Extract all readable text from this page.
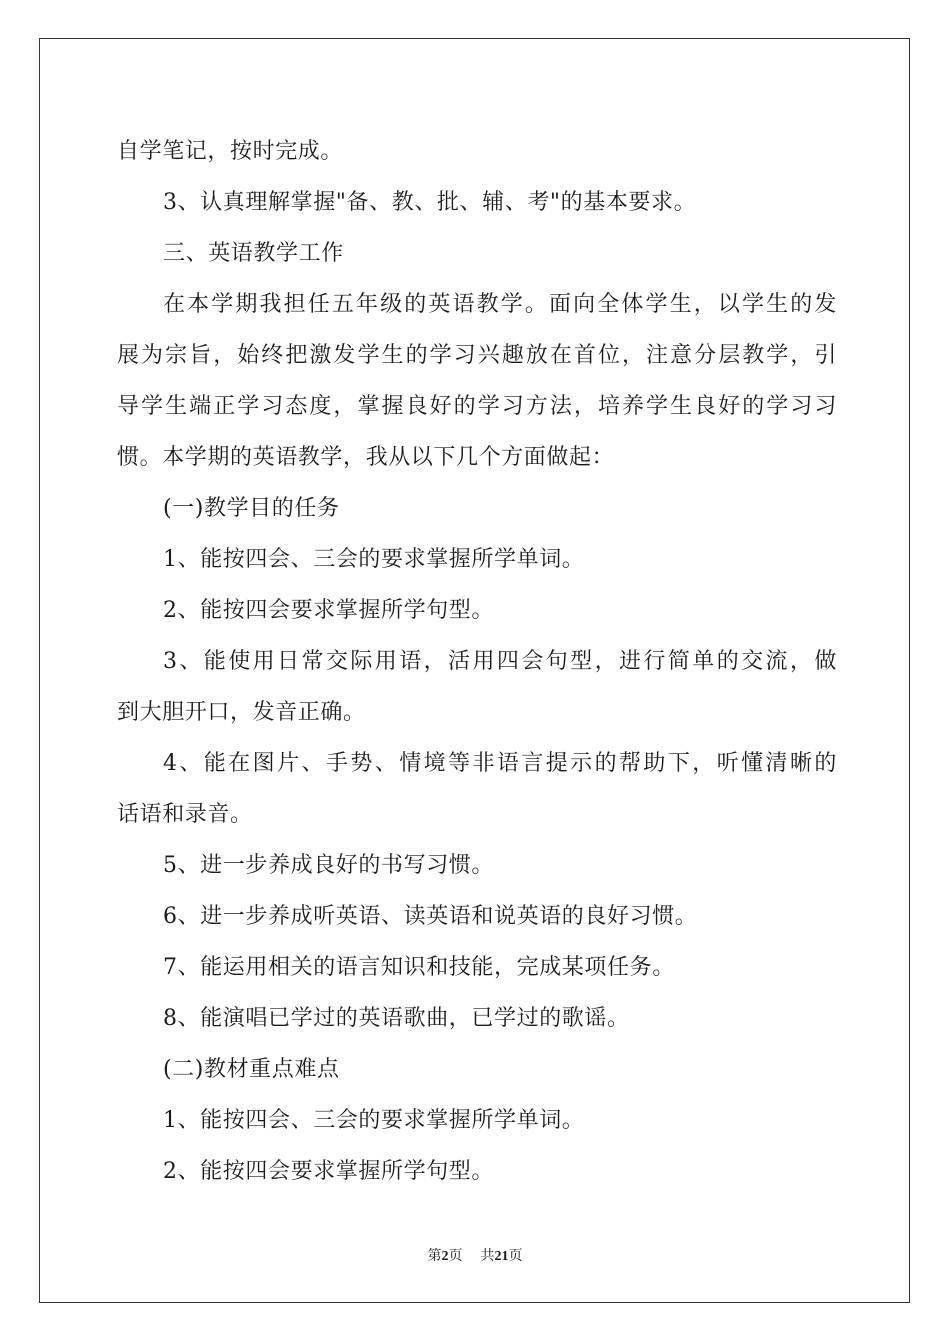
自学笔记，按时完成。
3、认真理解掌握"备、教、批、辅、考"的基本要求。
三、英语教学工作
在本学期我担任五年级的英语教学。面向全体学生，以学生的发
展为宗旨，始终把激发学生的学习兴趣放在首位，注意分层教学，引
导学生端正学习态度，掌握良好的学习方法，培养学生良好的学习习
惯。本学期的英语教学，我从以下几个方面做起：
(一)教学目的任务
1、能按四会、三会的要求掌握所学单词。
2、能按四会要求掌握所学句型。
3、能使用日常交际用语，活用四会句型，进行简单的交流，做
到大胆开口，发音正确。
4、能在图片、手势、情境等非语言提示的帮助下，听懂清晰的
话语和录音。
5、进一步养成良好的书写习惯。
6、进一步养成听英语、读英语和说英语的良好习惯。
7、能运用相关的语言知识和技能，完成某项任务。
8、能演唱已学过的英语歌曲，已学过的歌谣。
(二)教材重点难点
1、能按四会、三会的要求掌握所学单词。
2、能按四会要求掌握所学句型。
第2页 共21页
